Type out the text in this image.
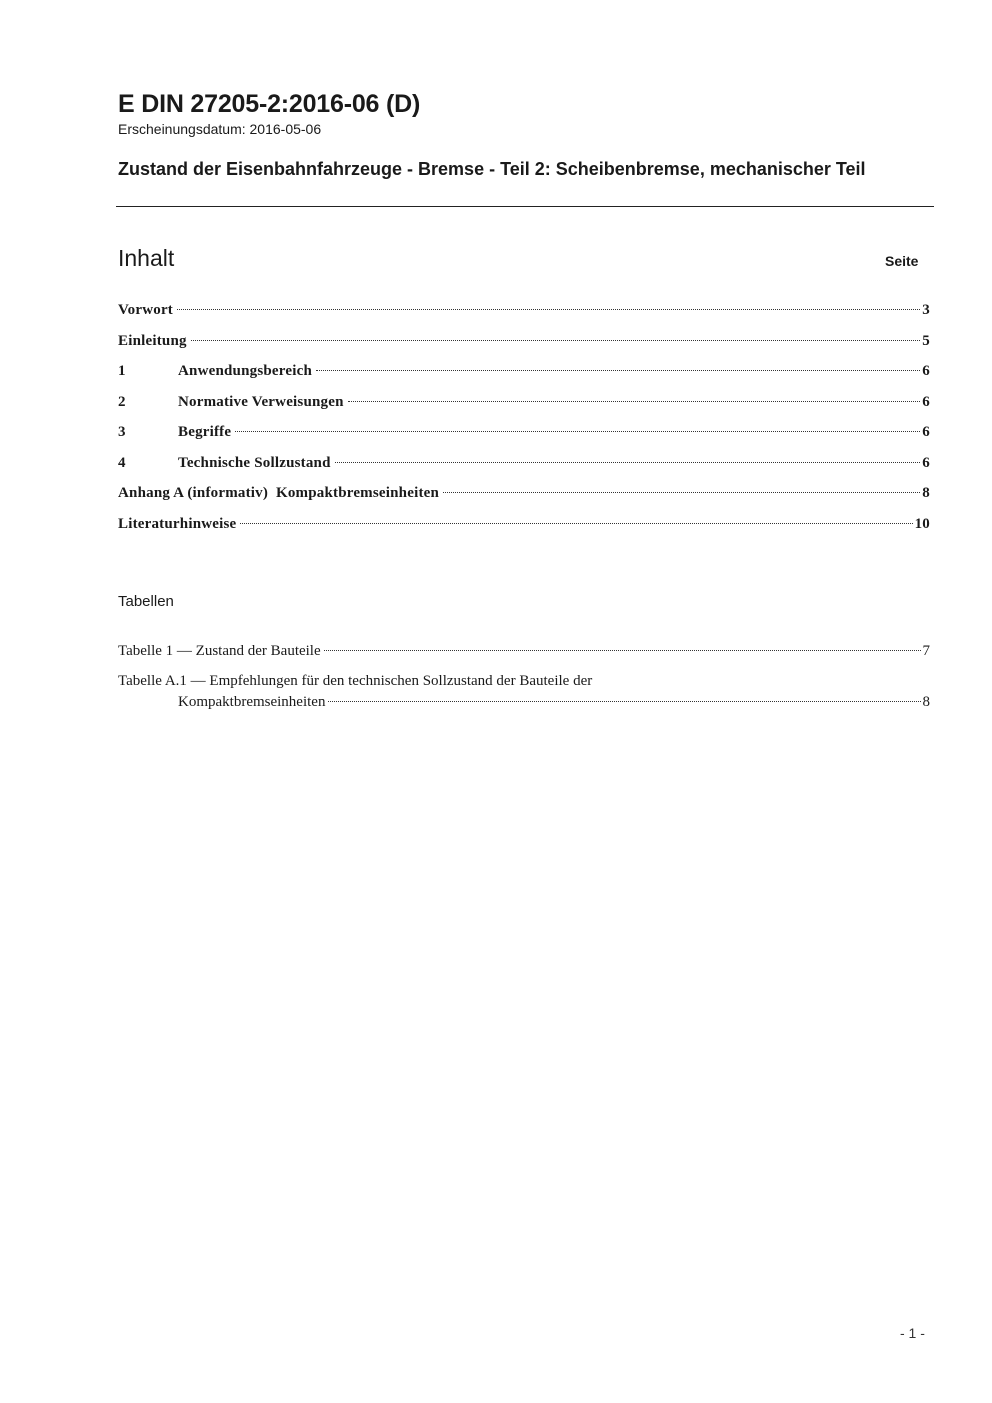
E DIN 27205-2:2016-06 (D)
Erscheinungsdatum: 2016-05-06
Zustand der Eisenbahnfahrzeuge - Bremse - Teil 2: Scheibenbremse, mechanischer Teil
Inhalt	Seite
Vorwort	3
Einleitung	5
1	Anwendungsbereich	6
2	Normative Verweisungen	6
3	Begriffe	6
4	Technische Sollzustand	6
Anhang A (informativ)  Kompaktbremseinheiten	8
Literaturhinweise	10
Tabellen
Tabelle 1 — Zustand der Bauteile	7
Tabelle A.1 — Empfehlungen für den technischen Sollzustand der Bauteile der
Kompaktbremseinheiten	8
- 1 -
